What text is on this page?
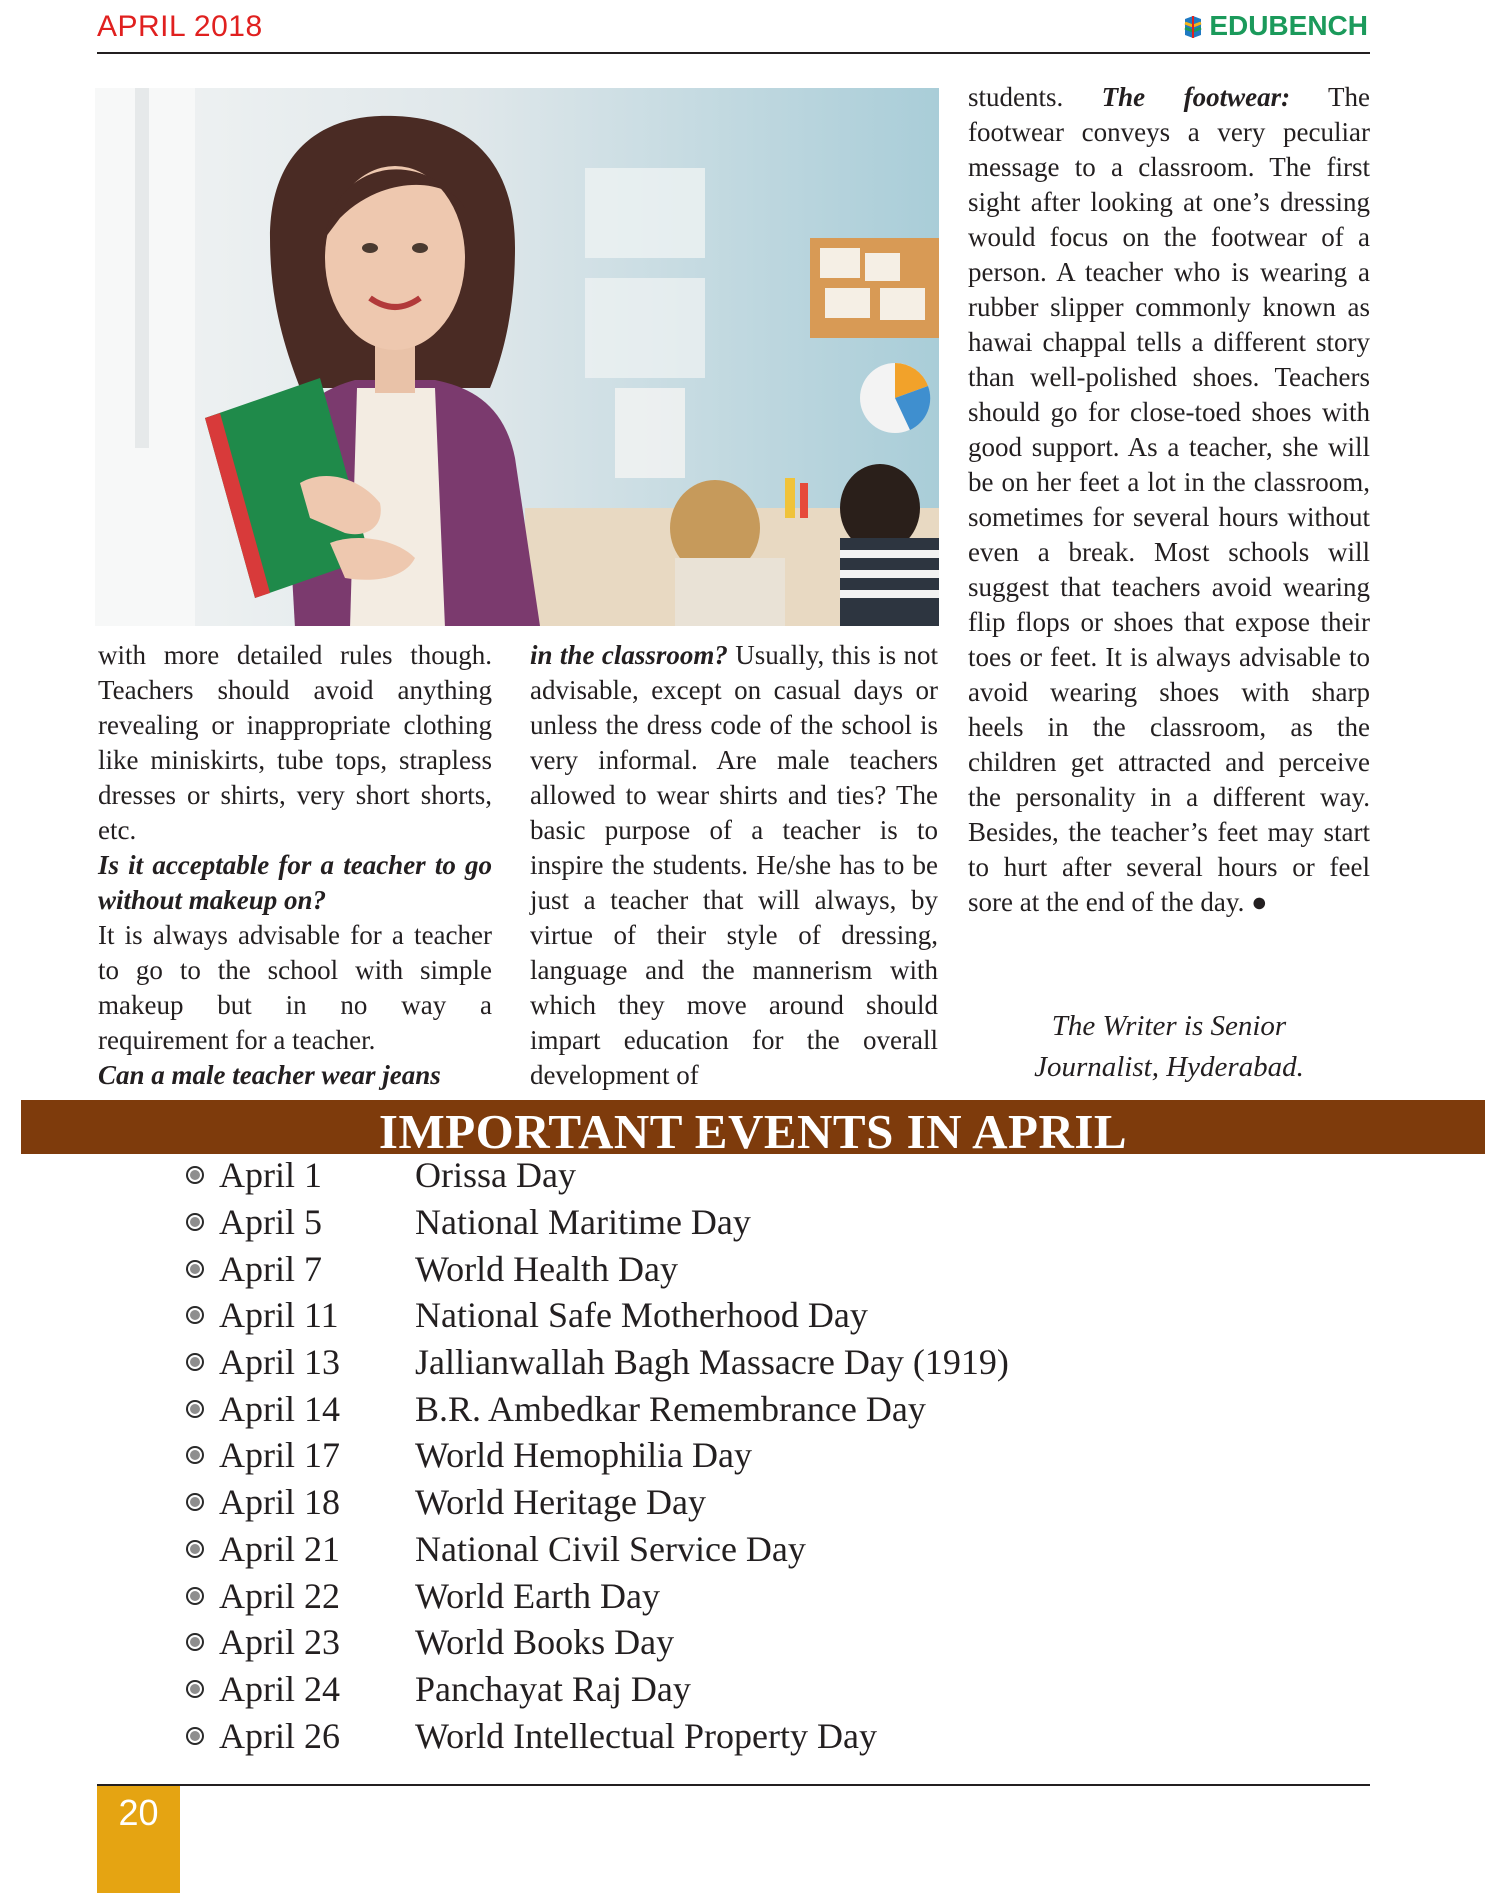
APRIL 2018	EDUBENCH

with more detailed rules though. Teachers should avoid anything revealing or inappropriate clothing like miniskirts, tube tops, strapless dresses or shirts, very short shorts, etc.

Is it acceptable for a teacher to go without makeup on?

It is always advisable for a teacher to go to the school with simple makeup but in no way a requirement for a teacher.

Can a male teacher wear jeans

in the classroom? Usually, this is not advisable, except on casual days or unless the dress code of the school is very informal. Are male teachers allowed to wear shirts and ties? The basic purpose of a teacher is to inspire the students. He/she has to be just a teacher that will always, by virtue of their style of dressing, language and the mannerism with which they move around should impart education for the overall development of

students. The footwear: The footwear conveys a very peculiar message to a classroom. The first sight after looking at one’s dressing would focus on the footwear of a person. A teacher who is wearing a rubber slipper commonly known as hawai chappal tells a different story than well-polished shoes. Teachers should go for close-toed shoes with good support. As a teacher, she will be on her feet a lot in the classroom, sometimes for several hours without even a break. Most schools will suggest that teachers avoid wearing flip flops or shoes that expose their toes or feet. It is always advisable to avoid wearing shoes with sharp heels in the classroom, as the children get attracted and perceive the personality in a different way. Besides, the teacher’s feet may start to hurt after several hours or feel sore at the end of the day. ●

The Writer is Senior
Journalist, Hyderabad.
IMPORTANT EVENTS IN APRIL
April 1	Orissa Day
April 5	National Maritime Day
April 7	World Health Day
April 11 National Safe Motherhood Day
April 13 Jallianwallah Bagh Massacre Day (1919)
April 14 B.R. Ambedkar Remembrance Day
April 17 World Hemophilia Day
April 18 World Heritage Day
April 21 National Civil Service Day
April 22 World Earth Day
April 23 World Books Day
April 24 Panchayat Raj Day
April 26 World Intellectual Property Day
20
